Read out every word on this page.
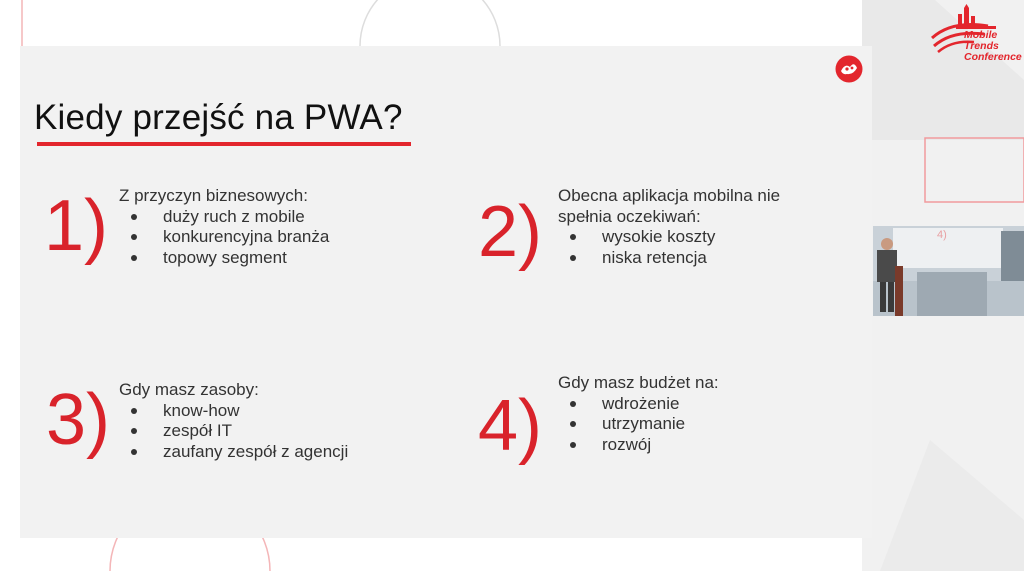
Kiedy przejść na PWA?
1) Z przyczyn biznesowych:
duży ruch z mobile
konkurencyjna branża
topowy segment	2) Obecna aplikacja mobilna nie
spełnia oczekiwań:
wysokie koszty
niska retencja
3) Gdy masz zasoby:
know-how
zespół IT
zaufany zespół z agencji 4)
Gdy masz budżet na:
wdrożenie
utrzymanie
rozwój
Mobile
Trends
Conference
4)
